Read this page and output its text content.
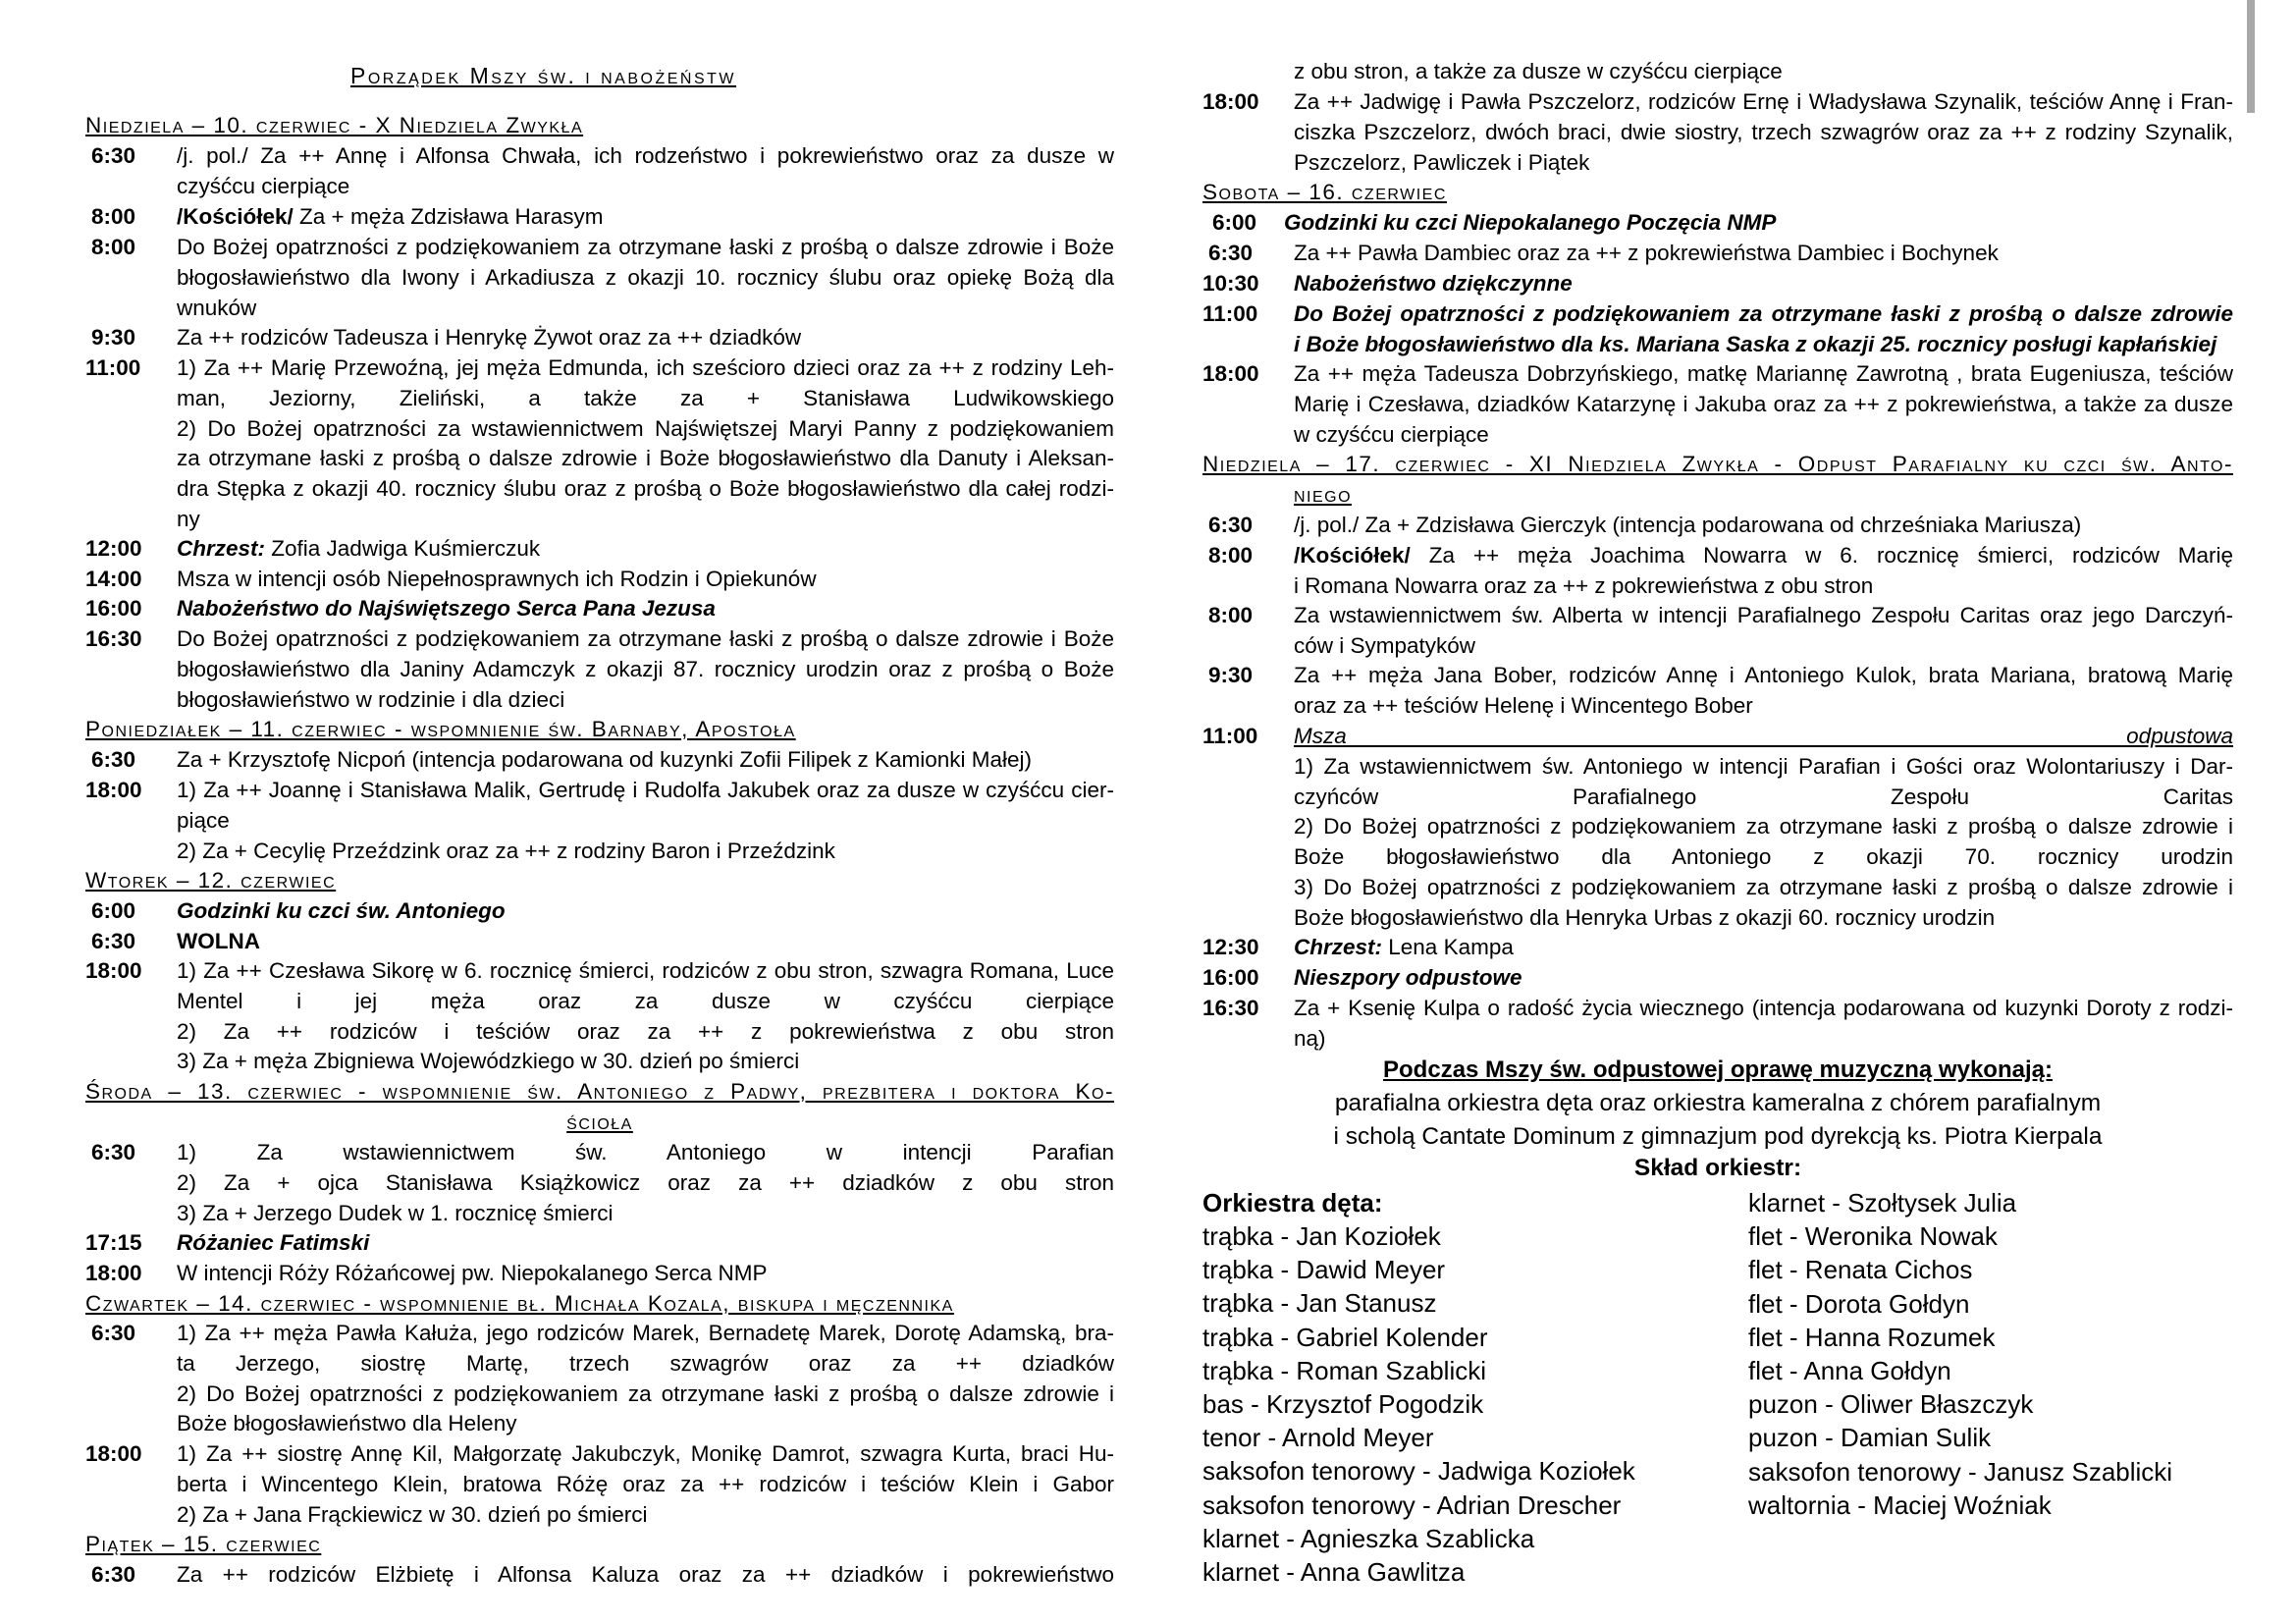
Porządek Mszy św. i nabożeństw
Niedziela – 10. czerwiec - X Niedziela Zwykła
6:30 /j. pol./ Za ++ Annę i Alfonsa Chwała, ich rodzeństwo i pokrewieństwo oraz za dusze w
czyśćcu cierpiące
8:00 /Kościółek/ Za + męża Zdzisława Harasym
8:00 Do Bożej opatrzności z podziękowaniem za otrzymane łaski z prośbą o dalsze zdrowie i Boże
błogosławieństwo dla Iwony i Arkadiusza z okazji 10. rocznicy ślubu oraz opiekę Bożą dla
wnuków
9:30 Za ++ rodziców Tadeusza i Henrykę Żywot oraz za ++ dziadków
11:00 1) Za ++ Marię Przewoźną, jej męża Edmunda, ich sześcioro dzieci oraz za ++ z rodziny Leh-
man, Jeziorny, Zieliński, a także za + Stanisława Ludwikowskiego
2) Do Bożej opatrzności za wstawiennictwem Najświętszej Maryi Panny z podziękowaniem
za otrzymane łaski z prośbą o dalsze zdrowie i Boże błogosławieństwo dla Danuty i Aleksan-
dra Stępka z okazji 40. rocznicy ślubu oraz z prośbą o Boże błogosławieństwo dla całej rodzi-
ny
12:00 Chrzest: Zofia Jadwiga Kuśmierczuk
14:00 Msza w intencji osób Niepełnosprawnych ich Rodzin i Opiekunów
16:00 Nabożeństwo do Najświętszego Serca Pana Jezusa
16:30 Do Bożej opatrzności z podziękowaniem za otrzymane łaski z prośbą o dalsze zdrowie i Boże
błogosławieństwo dla Janiny Adamczyk z okazji 87. rocznicy urodzin oraz z prośbą o Boże
błogosławieństwo w rodzinie i dla dzieci
Poniedziałek – 11. czerwiec - wspomnienie św. Barnaby, Apostoła
6:30 Za + Krzysztofę Nicpoń (intencja podarowana od kuzynki Zofii Filipek z Kamionki Małej)
18:00 1) Za ++ Joannę i Stanisława Malik, Gertrudę i Rudolfa Jakubek oraz za dusze w czyśćcu cier-
piące
2) Za + Cecylię Przeździnk oraz za ++ z rodziny Baron i Przeździnk
Wtorek – 12. czerwiec
6:00 Godzinki ku czci św. Antoniego
6:30 WOLNA
18:00 1) Za ++ Czesława Sikorę w 6. rocznicę śmierci, rodziców z obu stron, szwagra Romana, Luce
Mentel i jej męża oraz za dusze w czyśćcu cierpiące
2) Za ++ rodziców i teściów oraz za ++ z pokrewieństwa z obu stron
3) Za + męża Zbigniewa Wojewódzkiego w 30. dzień po śmierci
Środa – 13. czerwiec - wspomnienie św. Antoniego z Padwy, prezbitera i doktora Ko-
ścioła
6:30 1) Za wstawiennictwem św. Antoniego w intencji Parafian
2) Za + ojca Stanisława Książkowicz oraz za ++ dziadków z obu stron
3) Za + Jerzego Dudek w 1. rocznicę śmierci
17:15 Różaniec Fatimski
18:00 W intencji Róży Różańcowej pw. Niepokalanego Serca NMP
Czwartek – 14. czerwiec - wspomnienie bł. Michała Kozala, biskupa i męczennika
6:30 1) Za ++ męża Pawła Kałuża, jego rodziców Marek, Bernadetę Marek, Dorotę Adamską, bra-
ta Jerzego, siostrę Martę, trzech szwagrów oraz za ++ dziadków
2) Do Bożej opatrzności z podziękowaniem za otrzymane łaski z prośbą o dalsze zdrowie i
Boże błogosławieństwo dla Heleny
18:00 1) Za ++ siostrę Annę Kil, Małgorzatę Jakubczyk, Monikę Damrot, szwagra Kurta, braci Hu-
berta i Wincentego Klein, bratowa Różę oraz za ++ rodziców i teściów Klein i Gabor
2) Za + Jana Frąckiewicz w 30. dzień po śmierci
Piątek – 15. czerwiec
6:30 Za ++ rodziców Elżbietę i Alfonsa Kaluza oraz za ++ dziadków i pokrewieństwo
z obu stron, a także za dusze w czyśćcu cierpiące
18:00 Za ++ Jadwigę i Pawła Pszczelorz, rodziców Ernę i Władysława Szynalik, teściów Annę i Fran-
ciszka Pszczelorz, dwóch braci, dwie siostry, trzech szwagrów oraz za ++ z rodziny Szynalik,
Pszczelorz, Pawliczek i Piątek
Sobota – 16. czerwiec
6:00 Godzinki ku czci Niepokalanego Poczęcia NMP
6:30 Za ++ Pawła Dambiec oraz za ++ z pokrewieństwa Dambiec i Bochynek
10:30 Nabożeństwo dziękczynne
11:00 Do Bożej opatrzności z podziękowaniem za otrzymane łaski z prośbą o dalsze zdrowie
i Boże błogosławieństwo dla ks. Mariana Saska z okazji 25. rocznicy posługi kapłańskiej
18:00 Za ++ męża Tadeusza Dobrzyńskiego, matkę Mariannę Zawrotną , brata Eugeniusza, teściów
Marię i Czesława, dziadków Katarzynę i Jakuba oraz za ++ z pokrewieństwa, a także za dusze
w czyśćcu cierpiące
Niedziela – 17. czerwiec - XI Niedziela Zwykła - Odpust Parafialny ku czci św. Anto-
niego
6:30 /j. pol./ Za + Zdzisława Gierczyk (intencja podarowana od chrześniaka Mariusza)
8:00 /Kościółek/ Za ++ męża Joachima Nowarra w 6. rocznicę śmierci, rodziców Marię
i Romana Nowarra oraz za ++ z pokrewieństwa z obu stron
8:00 Za wstawiennictwem św. Alberta w intencji Parafialnego Zespołu Caritas oraz jego Darczyń-
ców i Sympatyków
9:30 Za ++ męża Jana Bober, rodziców Annę i Antoniego Kulok, brata Mariana, bratową Marię
oraz za ++ teściów Helenę i Wincentego Bober
11:00 Msza odpustowa
1) Za wstawiennictwem św. Antoniego w intencji Parafian i Gości oraz Wolontariuszy i Dar-
czyńców Parafialnego Zespołu Caritas
2) Do Bożej opatrzności z podziękowaniem za otrzymane łaski z prośbą o dalsze zdrowie i
Boże błogosławieństwo dla Antoniego z okazji 70. rocznicy urodzin
3) Do Bożej opatrzności z podziękowaniem za otrzymane łaski z prośbą o dalsze zdrowie i
Boże błogosławieństwo dla Henryka Urbas z okazji 60. rocznicy urodzin
12:30 Chrzest: Lena Kampa
16:00 Nieszpory odpustowe
16:30 Za + Ksenię Kulpa o radość życia wiecznego (intencja podarowana od kuzynki Doroty z rodzi-
ną)
Podczas Mszy św. odpustowej oprawę muzyczną wykonają:
parafialna orkiestra dęta oraz orkiestra kameralna z chórem parafialnym
i scholą Cantate Dominum z gimnazjum pod dyrekcją ks. Piotra Kierpala
Skład orkiestr:
Orkiestra dęta:
trąbka - Jan Koziołek
trąbka - Dawid Meyer
trąbka - Jan Stanusz
trąbka - Gabriel Kolender
trąbka - Roman Szablicki
bas - Krzysztof Pogodzik
tenor - Arnold Meyer
saksofon tenorowy - Jadwiga Koziołek
saksofon tenorowy - Adrian Drescher
klarnet - Agnieszka Szablicka
klarnet - Anna Gawlitza
klarnet - Szołtysek Julia
flet - Weronika Nowak
flet - Renata Cichos
flet - Dorota Gołdyn
flet - Hanna Rozumek
flet - Anna Gołdyn
puzon - Oliwer Błaszczyk
puzon - Damian Sulik
saksofon tenorowy - Janusz Szablicki
waltornia - Maciej Woźniak
